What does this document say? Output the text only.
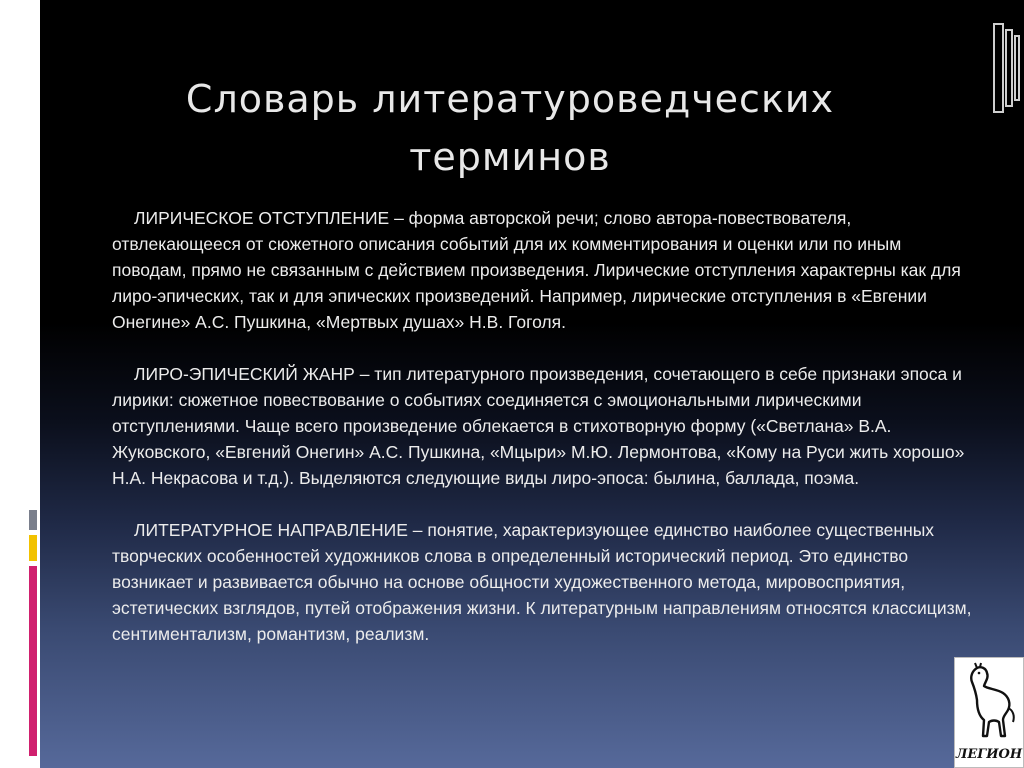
Словарь литературоведческих терминов

ЛИРИЧЕСКОЕ ОТСТУПЛЕНИЕ – форма авторской речи; слово автора-повествователя, отвлекающееся от сюжетного описания событий для их комментирования и оценки или по иным поводам, прямо не связанным с действием произведения. Лирические отступления характерны как для лиро-эпических, так и для эпических произведений. Например, лирические отступления в «Евгении Онегине» А.С. Пушкина, «Мертвых душах» Н.В. Гоголя.

ЛИРО-ЭПИЧЕСКИЙ ЖАНР – тип литературного произведения, сочетающего в себе признаки эпоса и лирики: сюжетное повествование о событиях соединяется с эмоциональными лирическими отступлениями. Чаще всего произведение облекается в стихотворную форму («Светлана» В.А. Жуковского, «Евгений Онегин» А.С. Пушкина, «Мцыри» М.Ю. Лермонтова, «Кому на Руси жить хорошо» Н.А. Некрасова и т.д.). Выделяются следующие виды лиро-эпоса: былина, баллада, поэма.

ЛИТЕРАТУРНОЕ НАПРАВЛЕНИЕ – понятие, характеризующее единство наиболее существенных творческих особенностей художников слова в определенный исторический период. Это единство возникает и развивается обычно на основе общности художественного метода, мировосприятия, эстетических взглядов, путей отображения жизни. К литературным направлениям относятся классицизм, сентиментализм, романтизм, реализм.

ЛЕГИОН
